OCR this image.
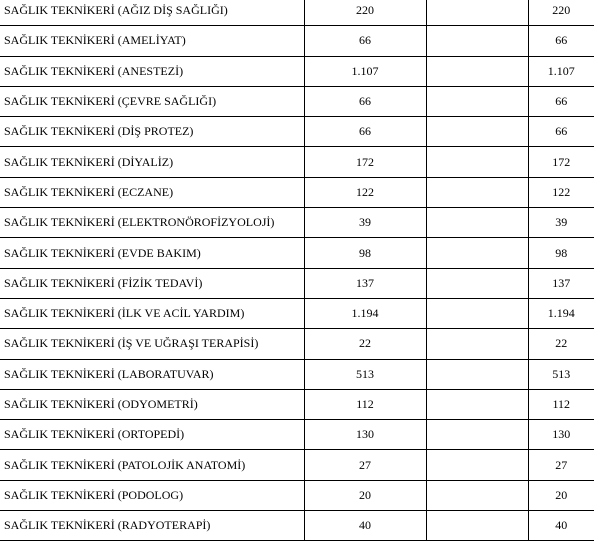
SAĞLIK TEKNİKERİ (AĞIZ DİŞ SAĞLIĞI)	220		220
SAĞLIK TEKNİKERİ (AMELİYAT)	66		66
SAĞLIK TEKNİKERİ (ANESTEZİ)	1.107		1.107
SAĞLIK TEKNİKERİ (ÇEVRE SAĞLIĞI)	66		66
SAĞLIK TEKNİKERİ (DİŞ PROTEZ)	66		66
SAĞLIK TEKNİKERİ (DİYALİZ)	172		172
SAĞLIK TEKNİKERİ (ECZANE)	122		122
SAĞLIK TEKNİKERİ (ELEKTRONÖROFİZYOLOJİ)	39		39
SAĞLIK TEKNİKERİ (EVDE BAKIM)	98		98
SAĞLIK TEKNİKERİ (FİZİK TEDAVİ)	137		137
SAĞLIK TEKNİKERİ (İLK VE ACİL YARDIM)	1.194		1.194
SAĞLIK TEKNİKERİ (İŞ VE UĞRAŞI TERAPİSİ)	22		22
SAĞLIK TEKNİKERİ (LABORATUVAR)	513		513
SAĞLIK TEKNİKERİ (ODYOMETRİ)	112		112
SAĞLIK TEKNİKERİ (ORTOPEDİ)	130		130
SAĞLIK TEKNİKERİ (PATOLOJİK ANATOMİ)	27		27
SAĞLIK TEKNİKERİ (PODOLOG)	20		20
SAĞLIK TEKNİKERİ (RADYOTERAPİ)	40		40
